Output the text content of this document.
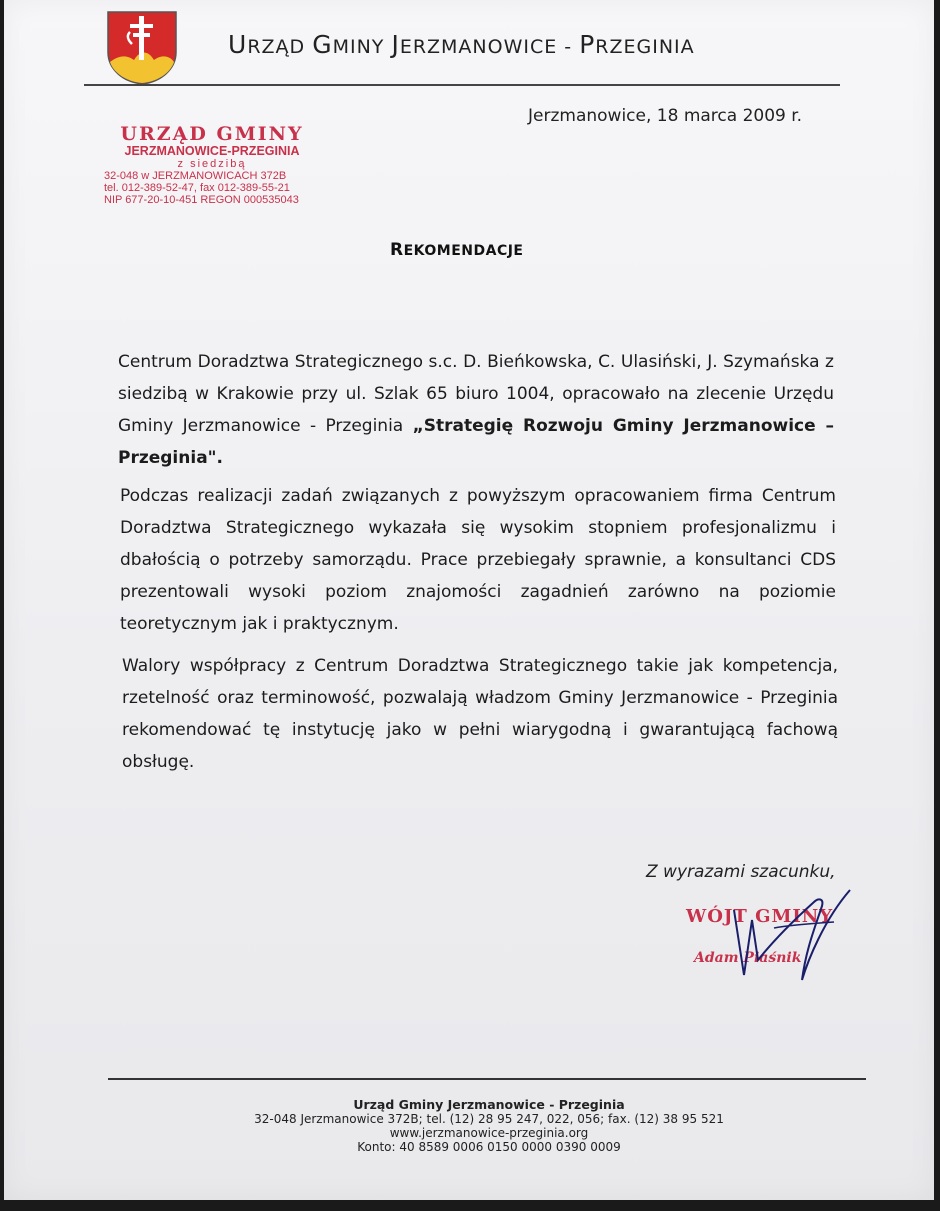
URZĄD GMINY JERZMANOWICE - PRZEGINIA
Jerzmanowice, 18 marca 2009 r.
URZĄD GMINY
JERZMANOWICE-PRZEGINIA
z siedzibą
32-048 w JERZMANOWICACH 372B
tel. 012-389-52-47, fax 012-389-55-21
NIP 677-20-10-451 REGON 000535043
REKOMENDACJE
Centrum Doradztwa Strategicznego s.c. D. Bieńkowska, C. Ulasiński, J. Szymańska z siedzibą w Krakowie przy ul. Szlak 65 biuro 1004, opracowało na zlecenie Urzędu Gminy Jerzmanowice - Przeginia „Strategię Rozwoju Gminy Jerzmanowice – Przeginia".
Podczas realizacji zadań związanych z powyższym opracowaniem firma Centrum Doradztwa Strategicznego wykazała się wysokim stopniem profesjonalizmu i dbałością o potrzeby samorządu. Prace przebiegały sprawnie, a konsultanci CDS prezentowali wysoki poziom znajomości zagadnień zarówno na poziomie teoretycznym jak i praktycznym.
Walory współpracy z Centrum Doradztwa Strategicznego takie jak kompetencja, rzetelność oraz terminowość, pozwalają władzom Gminy Jerzmanowice - Przeginia rekomendować tę instytucję jako w pełni wiarygodną i gwarantującą fachową obsługę.
Z wyrazami szacunku,
WÓJT GMINY
Adam Piaśnik
Urząd Gminy Jerzmanowice - Przeginia
32-048 Jerzmanowice 372B; tel. (12) 28 95 247, 022, 056; fax. (12) 38 95 521
www.jerzmanowice-przeginia.org
Konto: 40 8589 0006 0150 0000 0390 0009
